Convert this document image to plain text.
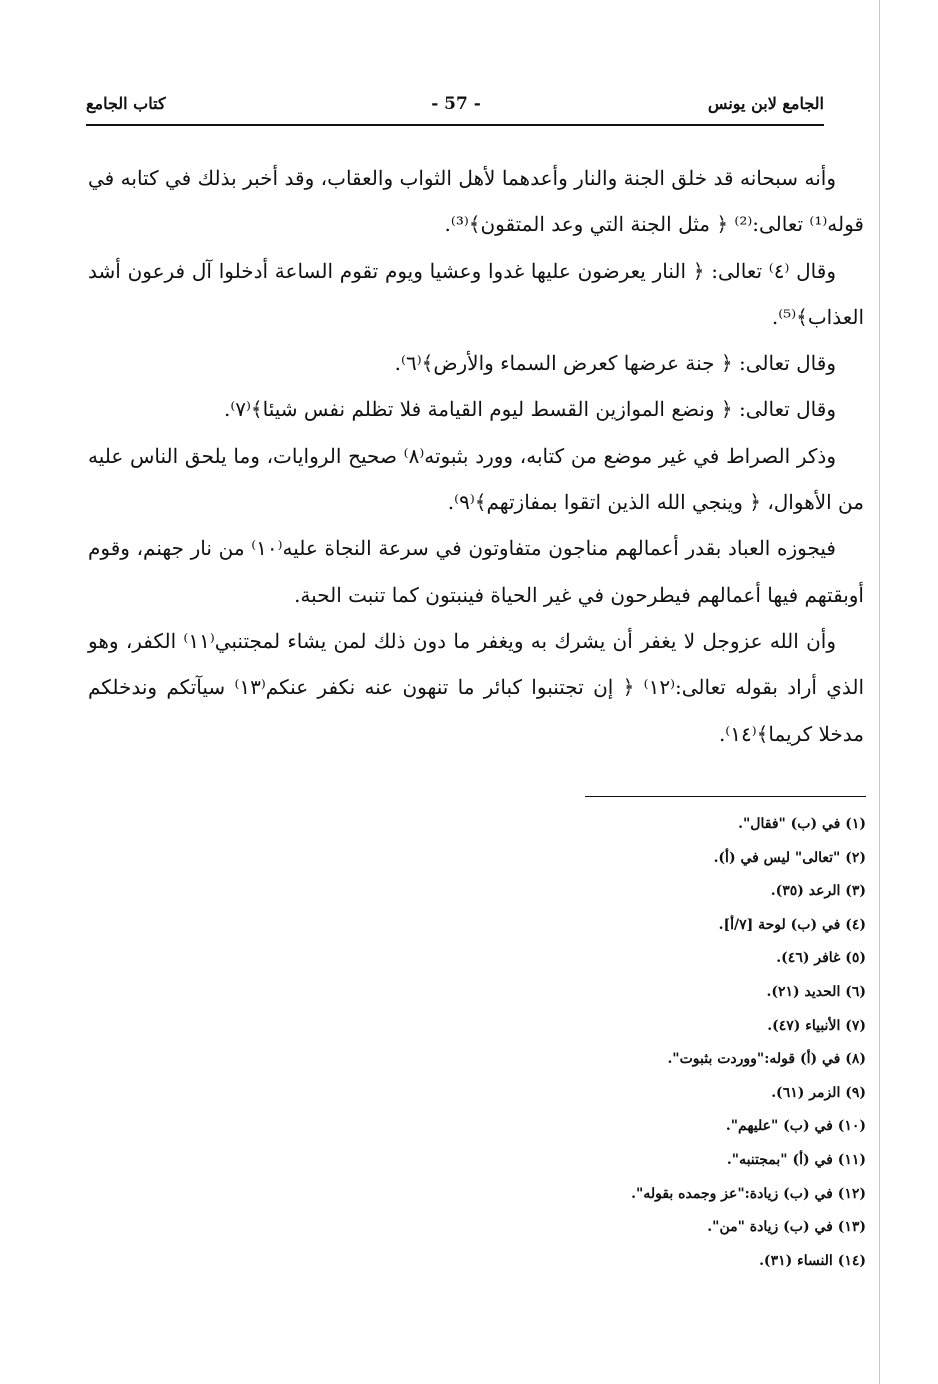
الجامع لابن يونس
- 57 -
كتاب الجامع

وأنه سبحانه قد خلق الجنة والنار وأعدهما لأهل الثواب والعقاب، وقد أخبر بذلك في كتابه في قوله⁽¹⁾ تعالى:⁽²⁾ ﴿ مثل الجنة التي وعد المتقون﴾⁽³⁾.

وقال ⁽٤⁾ تعالى: ﴿ النار يعرضون عليها غدوا وعشيا ويوم تقوم الساعة أدخلوا آل فرعون أشد العذاب﴾⁽⁵⁾.

وقال تعالى: ﴿ جنة عرضها كعرض السماء والأرض﴾⁽٦⁾.

وقال تعالى: ﴿ ونضع الموازين القسط ليوم القيامة فلا تظلم نفس شيئا﴾⁽٧⁾.

وذكر الصراط في غير موضع من كتابه، وورد بثبوته⁽٨⁾ صحيح الروايات، وما يلحق الناس عليه من الأهوال، ﴿ وينجي الله الذين اتقوا بمفازتهم﴾⁽٩⁾.

فيجوزه العباد بقدر أعمالهم مناجون متفاوتون في سرعة النجاة عليه⁽١٠⁾ من نار جهنم، وقوم أوبقتهم فيها أعمالهم فيطرحون في غير الحياة فينبتون كما تنبت الحبة.

وأن الله عزوجل لا يغفر أن يشرك به ويغفر ما دون ذلك لمن يشاء لمجتنبي⁽١١⁾ الكفر، وهو الذي أراد بقوله تعالى:⁽١٢⁾ ﴿ إن تجتنبوا كبائر ما تنهون عنه نكفر عنكم⁽١٣⁾ سيآتكم وندخلكم مدخلا كريما﴾⁽١٤⁾.

(١) في (ب) "فقال".
(٢) "تعالى" ليس في (أ).
(٣) الرعد (٣٥).
(٤) في (ب) لوحة [٧/أ].
(٥) غافر (٤٦).
(٦) الحديد (٢١).
(٧) الأنبياء (٤٧).
(٨) في (أ) قوله:"ووردت بثبوت".
(٩) الزمر (٦١).
(١٠) في (ب) "عليهم".
(١١) في (أ) "بمجتنبه".
(١٢) في (ب) زيادة:"عز وجمده بقوله".
(١٣) في (ب) زيادة "من".
(١٤) النساء (٣١).
